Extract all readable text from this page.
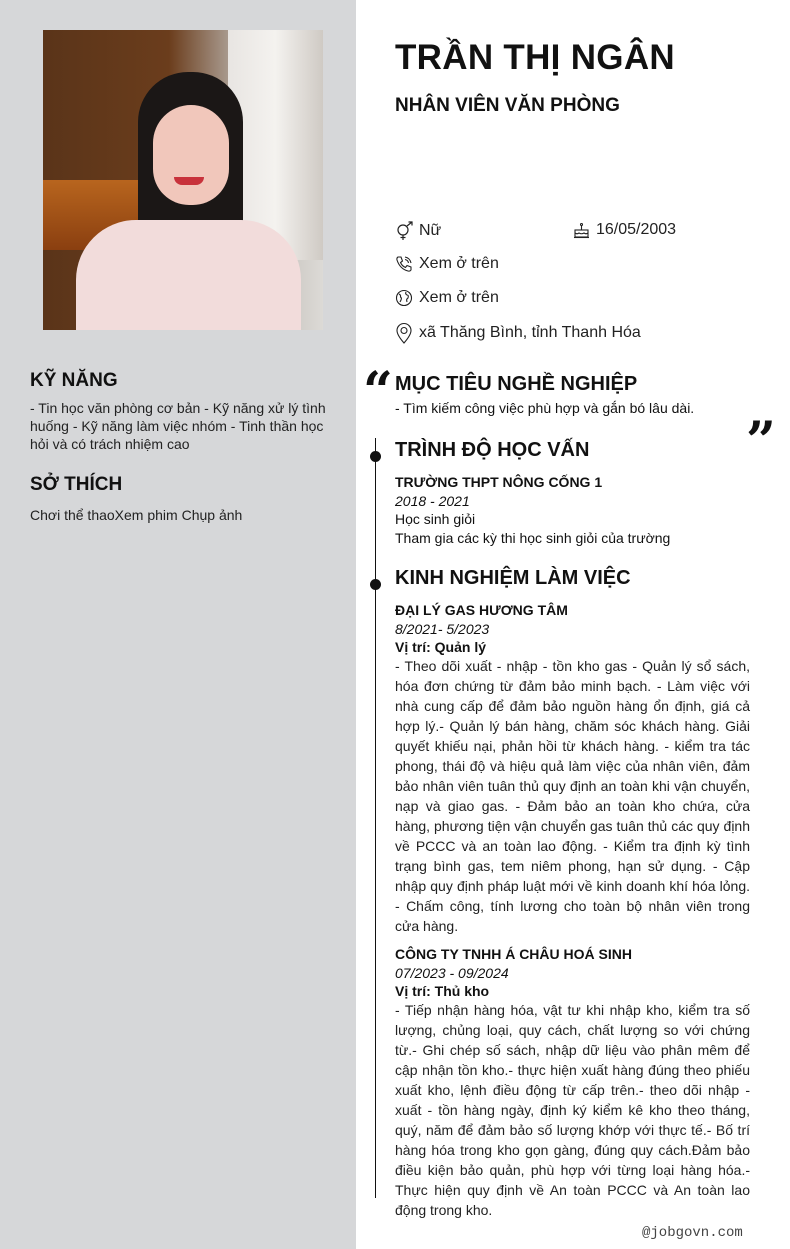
KỸ NĂNG
- Tin học văn phòng cơ bản - Kỹ năng xử lý tình huống - Kỹ năng làm việc nhóm - Tinh thần học hỏi và có trách nhiệm cao
SỞ THÍCH
Chơi thể thaoXem phim Chụp ảnh
TRẦN THỊ NGÂN
NHÂN VIÊN VĂN PHÒNG
Nữ	16/05/2003
Xem ở trên
Xem ở trên
xã Thăng Bình, tỉnh Thanh Hóa
“
”
MỤC TIÊU NGHỀ NGHIỆP
- Tìm kiếm công việc phù hợp và gắn bó lâu dài.
TRÌNH ĐỘ HỌC VẤN
TRƯỜNG THPT NÔNG CỐNG 1
2018 - 2021
Học sinh giỏi
Tham gia các kỳ thi học sinh giỏi của trường
KINH NGHIỆM LÀM VIỆC
ĐẠI LÝ GAS HƯƠNG TÂM
8/2021- 5/2023
Vị trí: Quản lý
- Theo dõi xuất - nhập - tồn kho gas - Quản lý sổ sách, hóa đơn chứng từ đảm bảo minh bạch. - Làm việc với nhà cung cấp để đảm bảo nguồn hàng ổn định, giá cả hợp lý.- Quản lý bán hàng, chăm sóc khách hàng. Giải quyết khiếu nại, phản hồi từ khách hàng. - kiểm tra tác phong, thái độ và hiệu quả làm việc của nhân viên, đảm bảo nhân viên tuân thủ quy định an toàn khi vận chuyển, nạp và giao gas. - Đảm bảo an toàn kho chứa, cửa hàng, phương tiện vận chuyển gas tuân thủ các quy định về PCCC và an toàn lao động. - Kiểm tra định kỳ tình trạng bình gas, tem niêm phong, hạn sử dụng. - Cập nhập quy định pháp luật mới về kinh doanh khí hóa lỏng. - Chấm công, tính lương cho toàn bộ nhân viên trong cửa hàng.
CÔNG TY TNHH Á CHÂU HOÁ SINH
07/2023 - 09/2024
Vị trí: Thủ kho
- Tiếp nhận hàng hóa, vật tư khi nhập kho, kiểm tra số lượng, chủng loại, quy cách, chất lượng so với chứng từ.- Ghi chép số sách, nhập dữ liệu vào phân mêm để cập nhận tồn kho.- thực hiện xuất hàng đúng theo phiếu xuất kho, lệnh điều động từ cấp trên.- theo dõi nhập - xuất - tồn hàng ngày, định ký kiểm kê kho theo tháng, quý, năm để đảm bảo số lượng khớp với thực tế.- Bố trí hàng hóa trong kho gọn gàng, đúng quy cách.Đảm bảo điều kiện bảo quản, phù hợp với từng loại hàng hóa.- Thực hiện quy định về An toàn PCCC và An toàn lao động trong kho.
@jobgovn.com
